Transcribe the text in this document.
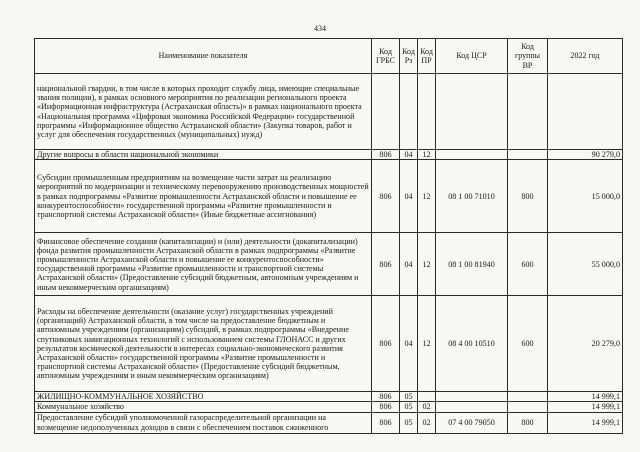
434
Наименование показателя	Код ГРБС	Код Рз	Код ПР	Код ЦСР	Код группы ВР	2022 год
национальной гвардии, в том числе в которых проходит службу лица, имеющие специальные звания полиции), в рамках основного мероприятия по реализации регионального проекта «Информационная инфраструктура (Астраханская область)» в рамках национального проекта «Национальная программа «Цифровая экономика Российской Федерации» государственной программы «Информационное общество Астраханской области» (Закупка товаров, работ и услуг для обеспечения государственных (муниципальных) нужд)						
Другие вопросы в области национальной экономики	806	04	12			90 279,0
Субсидии промышленным предприятиям на возмещение части затрат на реализацию мероприятий по модернизации и техническому перевооружению производственных мощностей в рамках подпрограммы «Развитие промышленности Астраханской области и повышение ее конкурентоспособности» государственной программы «Развитие промышленности и транспортной системы Астраханской области» (Иные бюджетные ассигнования)	806	04	12	08 1 00 71010	800	15 000,0
Финансовое обеспечение создания (капитализации) и (или) деятельности (докапитализации) фонда развития промышленности Астраханской области в рамках подпрограммы «Развитие промышленности Астраханской области и повышение ее конкурентоспособности» государственной программы «Развитие промышленности и транспортной системы Астраханской области» (Предоставление субсидий бюджетным, автономным учреждениям и иным некоммерческим организациям)	806	04	12	08 1 00 81940	600	55 000,0
Расходы на обеспечение деятельности (оказание услуг) государственных учреждений (организаций) Астраханской области, в том числе на предоставление бюджетным и автономным учреждениям (организациям) субсидий, в рамках подпрограммы «Внедрение спутниковых навигационных технологий с использованием системы ГЛОНАСС и других результатов космической деятельности в интересах социально-экономического развития Астраханской области» государственной программы «Развитие промышленности и транспортной системы Астраханской области» (Предоставление субсидий бюджетным, автономным учреждениям и иным некоммерческим организациям)	806	04	12	08 4 00 10510	600	20 279,0
ЖИЛИЩНО-КОММУНАЛЬНОЕ ХОЗЯЙСТВО	806	05				14 999,1
Коммунальное хозяйство	806	05	02			14 999,1
Предоставление субсидий уполномоченной газораспределительной организации на возмещение недополученных доходов в связи с обеспечением поставок сжиженного	806	05	02	07 4 00 79050	800	14 999,1
